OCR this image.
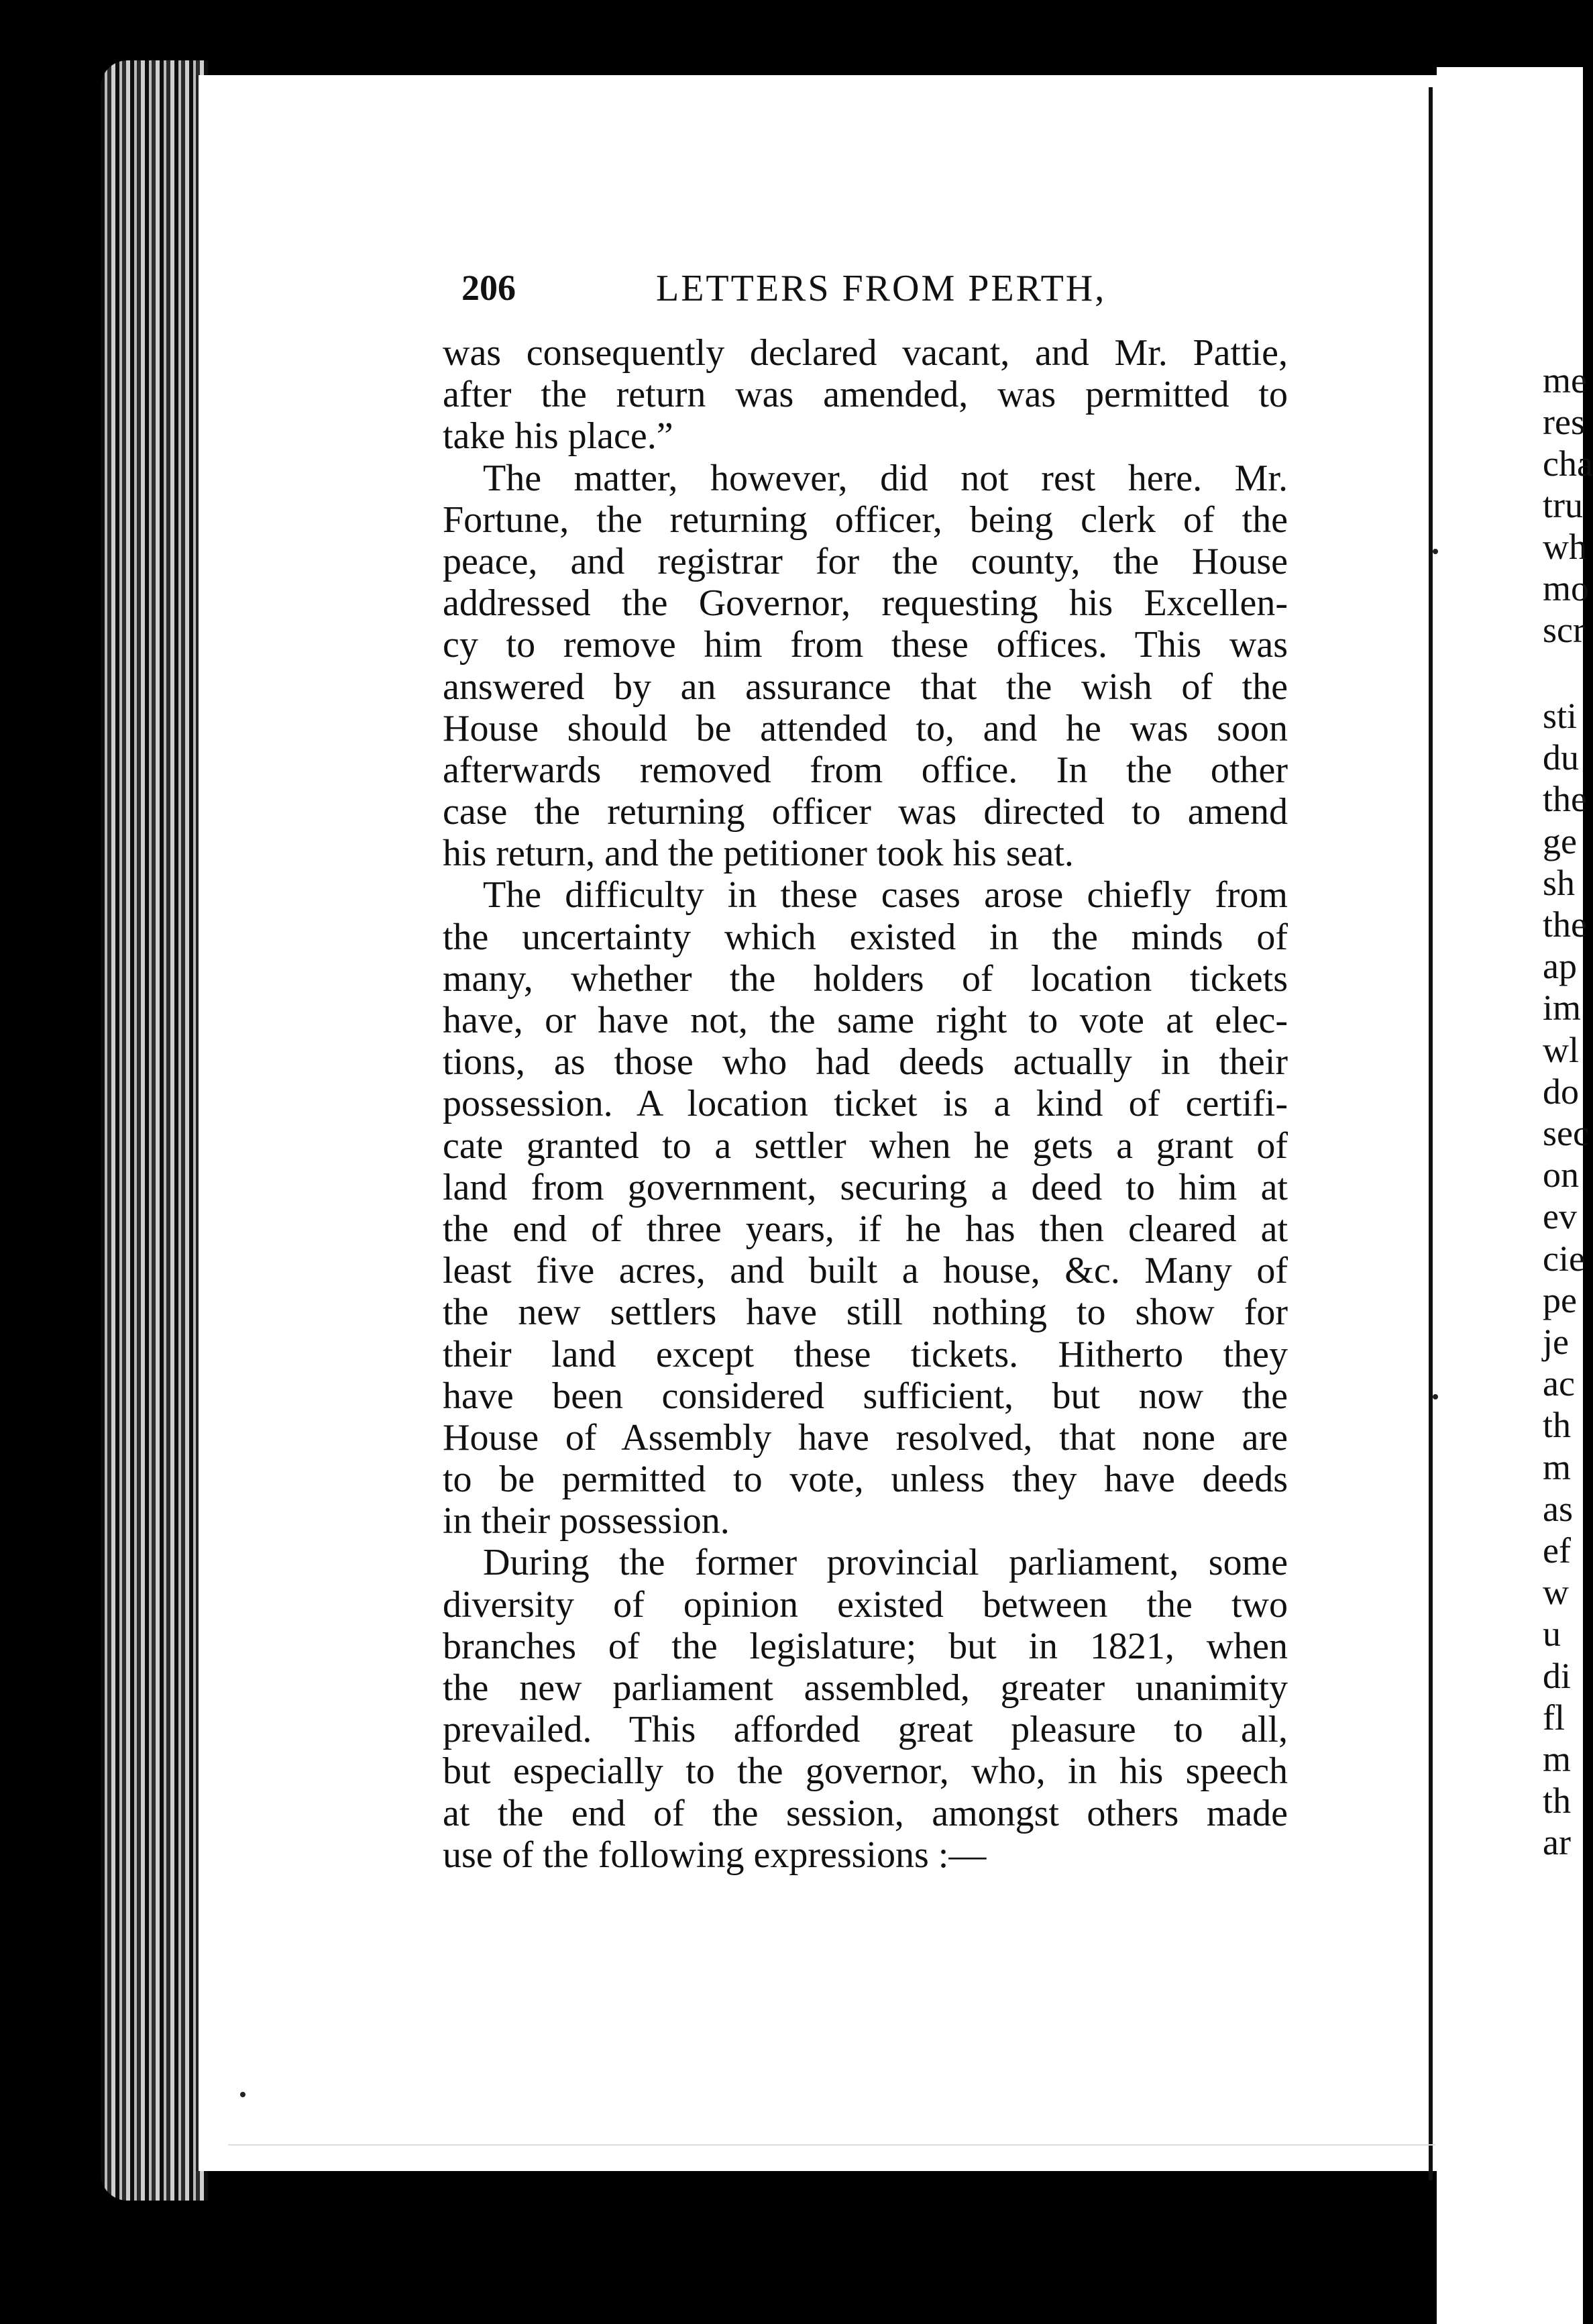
206	LETTERS FROM PERTH,
was consequently declared vacant, and Mr. Pattie,
after the return was amended, was permitted to
take his place.”
The matter, however, did not rest here. Mr.
Fortune, the returning officer, being clerk of the
peace, and registrar for the county, the House
addressed the Governor, requesting his Excellen-
cy to remove him from these offices. This was
answered by an assurance that the wish of the
House should be attended to, and he was soon
afterwards removed from office. In the other
case the returning officer was directed to amend
his return, and the petitioner took his seat.
The difficulty in these cases arose chiefly from
the uncertainty which existed in the minds of
many, whether the holders of location tickets
have, or have not, the same right to vote at elec-
tions, as those who had deeds actually in their
possession. A location ticket is a kind of certifi-
cate granted to a settler when he gets a grant of
land from government, securing a deed to him at
the end of three years, if he has then cleared at
least five acres, and built a house, &c. Many of
the new settlers have still nothing to show for
their land except these tickets. Hitherto they
have been considered sufficient, but now the
House of Assembly have resolved, that none are
to be permitted to vote, unless they have deeds
in their possession.
During the former provincial parliament, some
diversity of opinion existed between the two
branches of the legislature; but in 1821, when
the new parliament assembled, greater unanimity
prevailed. This afforded great pleasure to all,
but especially to the governor, who, in his speech
at the end of the session, amongst others made
use of the following expressions :—
me
res
cha
tru
wh
mo
scr
sti
du
the
ge
sh
the
ap
im
wl
do
sec
on
ev
cie
pe
je
ac
th
m
as
ef
w
u
di
fl
m
th
ar
